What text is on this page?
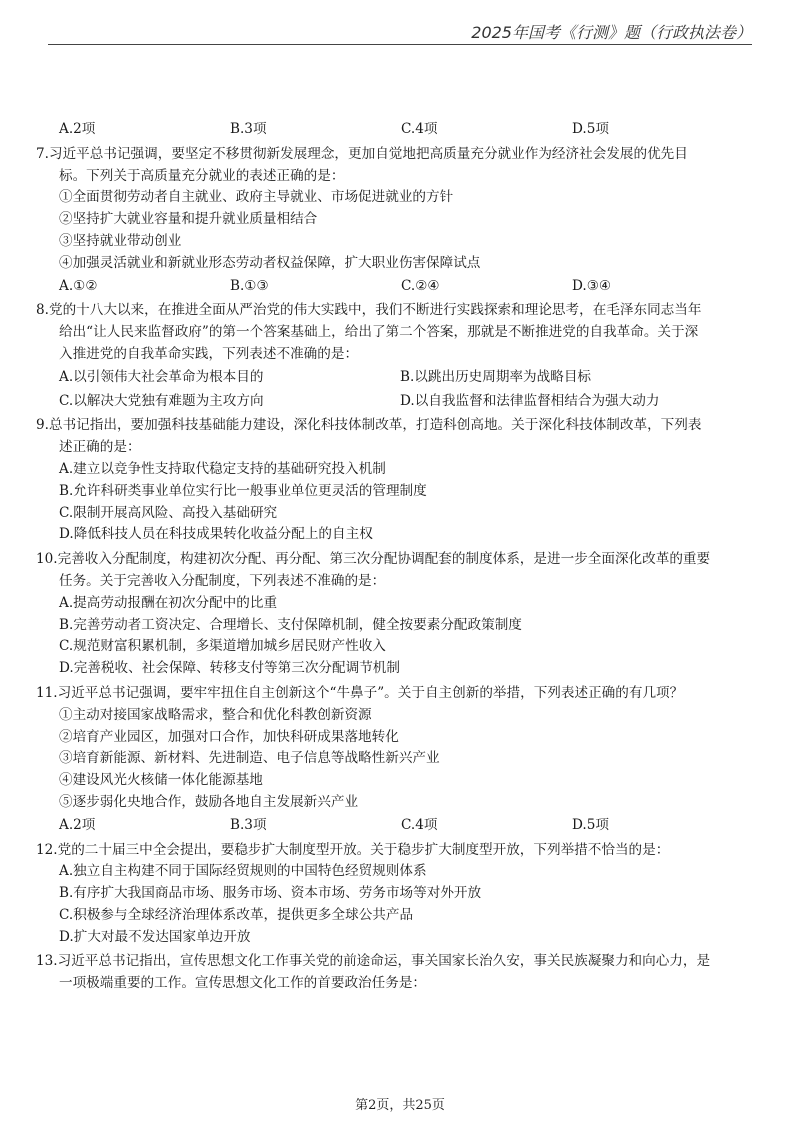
2025年国考《行测》题（行政执法卷）
A.2项	B.3项	C.4项	D.5项
7.习近平总书记强调，要坚定不移贯彻新发展理念，更加自觉地把高质量充分就业作为经济社会发展的优先目
标。下列关于高质量充分就业的表述正确的是：
①全面贯彻劳动者自主就业、政府主导就业、市场促进就业的方针
②坚持扩大就业容量和提升就业质量相结合
③坚持就业带动创业
④加强灵活就业和新就业形态劳动者权益保障，扩大职业伤害保障试点
A.①②	B.①③	C.②④	D.③④
8.党的十八大以来，在推进全面从严治党的伟大实践中，我们不断进行实践探索和理论思考，在毛泽东同志当年
给出“让人民来监督政府”的第一个答案基础上，给出了第二个答案，那就是不断推进党的自我革命。关于深
入推进党的自我革命实践，下列表述不准确的是：
A.以引领伟大社会革命为根本目的	B.以跳出历史周期率为战略目标
C.以解决大党独有难题为主攻方向	D.以自我监督和法律监督相结合为强大动力
9.总书记指出，要加强科技基础能力建设，深化科技体制改革，打造科创高地。关于深化科技体制改革，下列表
述正确的是：
A.建立以竞争性支持取代稳定支持的基础研究投入机制
B.允许科研类事业单位实行比一般事业单位更灵活的管理制度
C.限制开展高风险、高投入基础研究
D.降低科技人员在科技成果转化收益分配上的自主权
10.完善收入分配制度，构建初次分配、再分配、第三次分配协调配套的制度体系，是进一步全面深化改革的重要
任务。关于完善收入分配制度，下列表述不准确的是：
A.提高劳动报酬在初次分配中的比重
B.完善劳动者工资决定、合理增长、支付保障机制，健全按要素分配政策制度
C.规范财富积累机制，多渠道增加城乡居民财产性收入
D.完善税收、社会保障、转移支付等第三次分配调节机制
11.习近平总书记强调，要牢牢扭住自主创新这个“牛鼻子”。关于自主创新的举措，下列表述正确的有几项？
①主动对接国家战略需求，整合和优化科教创新资源
②培育产业园区，加强对口合作，加快科研成果落地转化
③培育新能源、新材料、先进制造、电子信息等战略性新兴产业
④建设风光火核储一体化能源基地
⑤逐步弱化央地合作，鼓励各地自主发展新兴产业
A.2项	B.3项	C.4项	D.5项
12.党的二十届三中全会提出，要稳步扩大制度型开放。关于稳步扩大制度型开放，下列举措不恰当的是：
A.独立自主构建不同于国际经贸规则的中国特色经贸规则体系
B.有序扩大我国商品市场、服务市场、资本市场、劳务市场等对外开放
C.积极参与全球经济治理体系改革，提供更多全球公共产品
D.扩大对最不发达国家单边开放
13.习近平总书记指出，宣传思想文化工作事关党的前途命运，事关国家长治久安，事关民族凝聚力和向心力，是
一项极端重要的工作。宣传思想文化工作的首要政治任务是：
第2页，共25页
